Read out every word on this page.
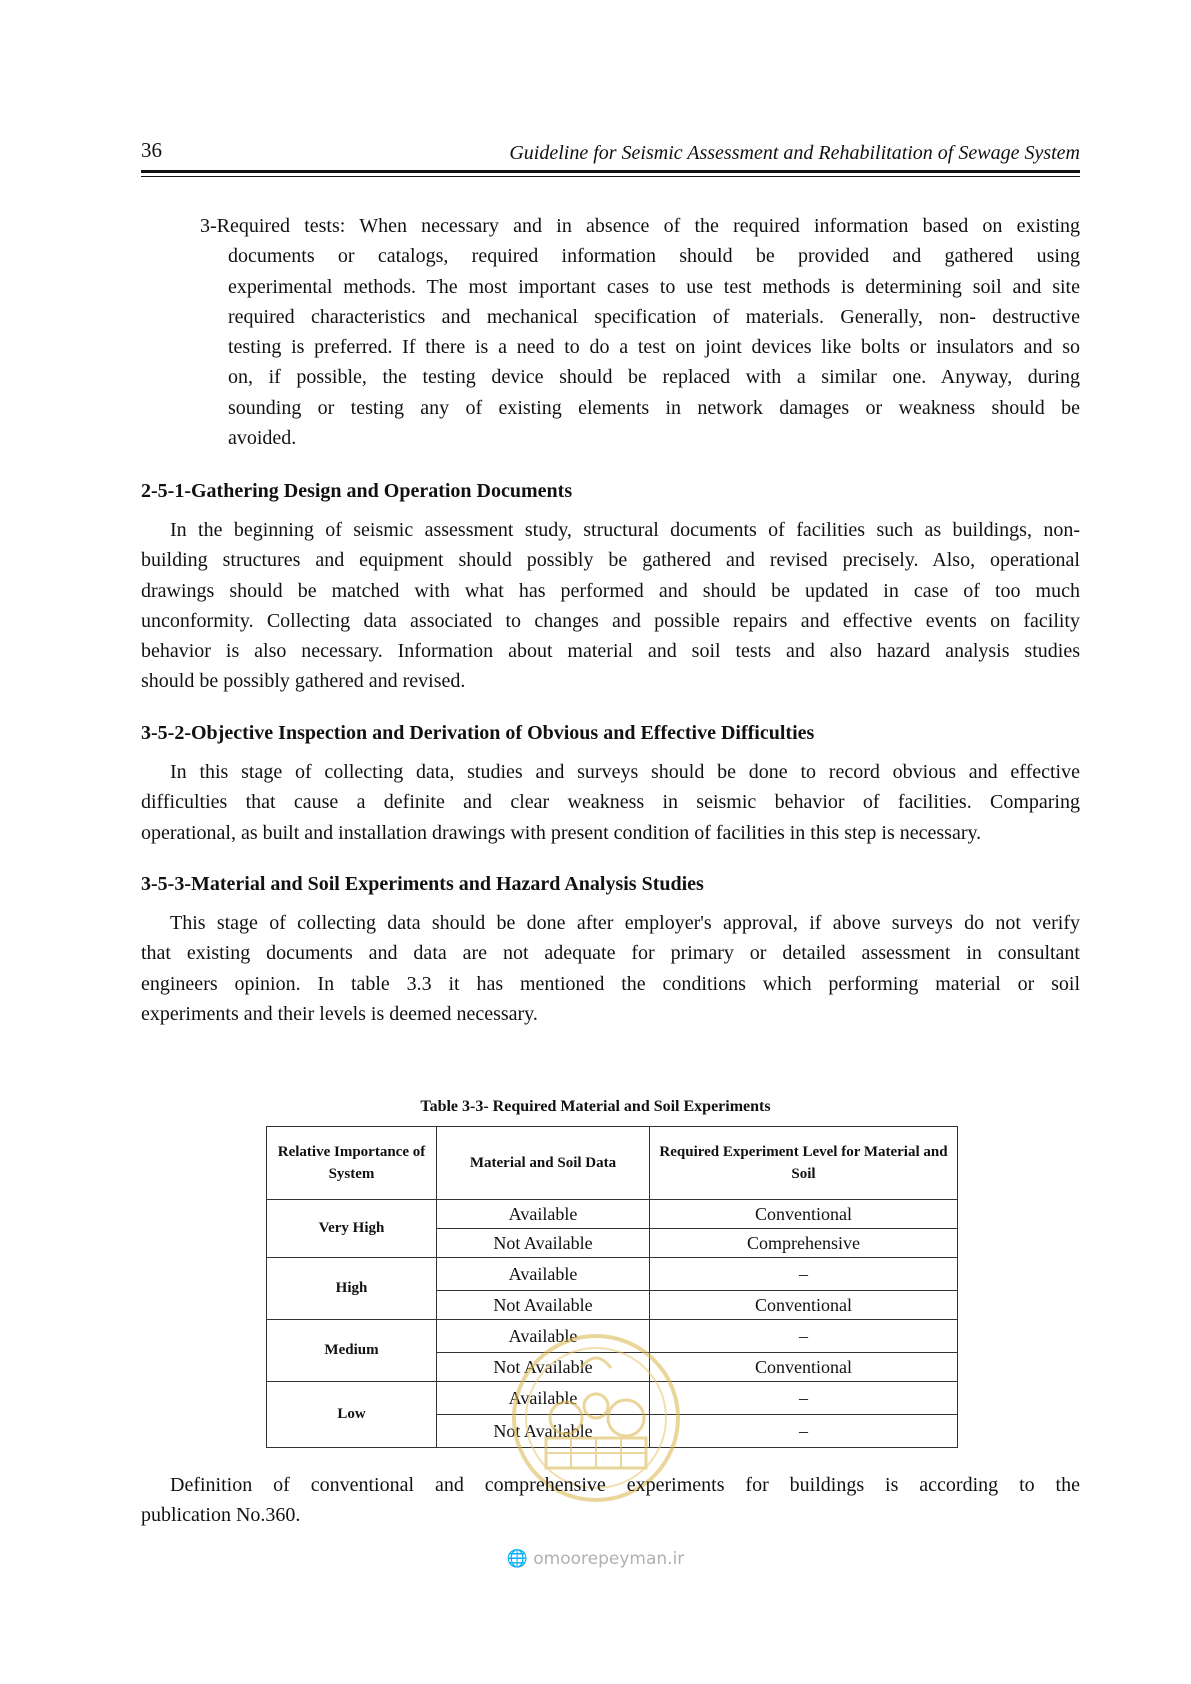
36	Guideline for Seismic Assessment and Rehabilitation of Sewage System
3-Required tests: When necessary and in absence of the required information based on existing
documents or catalogs, required information should be provided and gathered using
experimental methods. The most important cases to use test methods is determining soil and site
required characteristics and mechanical specification of materials. Generally, non- destructive
testing is preferred. If there is a need to do a test on joint devices like bolts or insulators and so
on, if possible, the testing device should be replaced with a similar one. Anyway, during
sounding or testing any of existing elements in network damages or weakness should be
avoided.
2-5-1-Gathering Design and Operation Documents
In the beginning of seismic assessment study, structural documents of facilities such as buildings, non-
building structures and equipment should possibly be gathered and revised precisely. Also, operational
drawings should be matched with what has performed and should be updated in case of too much
unconformity. Collecting data associated to changes and possible repairs and effective events on facility
behavior is also necessary. Information about material and soil tests and also hazard analysis studies
should be possibly gathered and revised.
3-5-2-Objective Inspection and Derivation of Obvious and Effective Difficulties
In this stage of collecting data, studies and surveys should be done to record obvious and effective
difficulties that cause a definite and clear weakness in seismic behavior of facilities. Comparing
operational, as built and installation drawings with present condition of facilities in this step is necessary.
3-5-3-Material and Soil Experiments and Hazard Analysis Studies
This stage of collecting data should be done after employer's approval, if above surveys do not verify
that existing documents and data are not adequate for primary or detailed assessment in consultant
engineers opinion. In table 3.3 it has mentioned the conditions which performing material or soil
experiments and their levels is deemed necessary.
Table 3-3- Required Material and Soil Experiments
Relative Importance of System	Material and Soil Data	Required Experiment Level for Material and Soil
Very High	Available	Conventional
	Not Available	Comprehensive
High	Available	–
	Not Available	Conventional
Medium	Available	–
	Not Available	Conventional
Low	Available	–
	Not Available	–
🌐 omoorepeyman.ir
Definition of conventional and comprehensive experiments for buildings is according to the
publication No.360.
